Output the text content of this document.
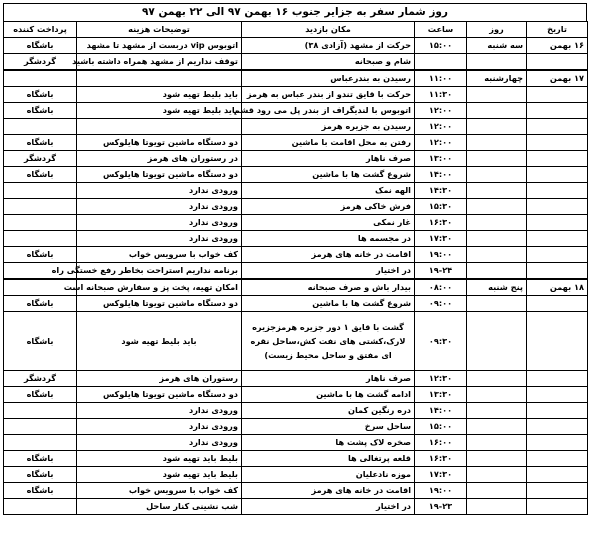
روز شمار سفر به جزایر جنوب ۱۶ بهمن ۹۷ الی ۲۲ بهمن ۹۷
تاریخ	روز	ساعت	مکان بازدید	توضیحات هزینه	پرداخت کننده
۱۶ بهمن	سه شنبه	۱۵:۰۰	حرکت از مشهد (آزادی ۳۸)	اتوبوس vip دربست از مشهد تا مشهد	باشگاه
			شام و صبحانه	توقف نداریم از مشهد همراه داشته باشید	گردشگر
۱۷ بهمن	چهارشنبه	۱۱:۰۰	رسیدن به بندرعباس		
		۱۱:۳۰	حرکت با قایق تندو از بندر عباس به هرمز	باید بلیط تهیه شود	باشگاه
		۱۲:۰۰	اتوبوس با لندیگراف از بندر پل می رود قشم	باید بلیط تهیه شود	باشگاه
		۱۲:۰۰	رسیدن به جزیره هرمز		
		۱۲:۰۰	رفتن به محل اقامت با ماشین	دو دستگاه ماشین تویوتا هایلوکس	باشگاه
		۱۳:۰۰	صرف ناهار	در رستوران های هرمز	گردشگر
		۱۴:۰۰	شروع گشت ها با ماشین	دو دستگاه ماشین تویوتا هایلوکس	باشگاه
		۱۴:۳۰	الهه نمک	ورودی ندارد	
		۱۵:۳۰	فرش خاکی هرمز	ورودی ندارد	
		۱۶:۳۰	غار نمکی	ورودی ندارد	
		۱۷:۳۰	در مجسمه ها	ورودی ندارد	
		۱۹:۰۰	اقامت در خانه های هرمز	کف خواب با سرویس خواب	باشگاه
		۱۹-۲۴	در اختیار	برنامه نداریم استراحت بخاطر رفع خستگی راه	
۱۸ بهمن	پنج شنبه	۰۸:۰۰	بیدار باش و صرف صبحانه	امکان تهیه، پخت پز و سفارش صبحانه است	
		۰۹:۰۰	شروع گشت ها با ماشین	دو دستگاه ماشین تویوتا هایلوکس	باشگاه
		۰۹:۳۰	گشت با قایق ۱ دور جزیره هرمزجزیره لارک،کشتی های نفت کش،ساحل نقره ای مفتق و ساحل محیط زیست)	باید بلیط تهیه شود	باشگاه
		۱۲:۳۰	صرف ناهار	رستوران های هرمز	گردشگر
		۱۳:۳۰	ادامه گشت ها با ماشین	دو دستگاه ماشین تویوتا هایلوکس	باشگاه
		۱۴:۰۰	دره رنگین کمان	ورودی ندارد	
		۱۵:۰۰	ساحل سرخ	ورودی ندارد	
		۱۶:۰۰	صخره لاک پشت ها	ورودی ندارد	
		۱۶:۳۰	قلعه پرتغالی ها	بلیط باید تهیه شود	باشگاه
		۱۷:۳۰	موزه نادعلیان	بلیط باید تهیه شود	باشگاه
		۱۹:۰۰	اقامت در خانه های هرمز	کف خواب با سرویس خواب	باشگاه
		۱۹-۲۳	در اختیار	شب نشینی کنار ساحل	
